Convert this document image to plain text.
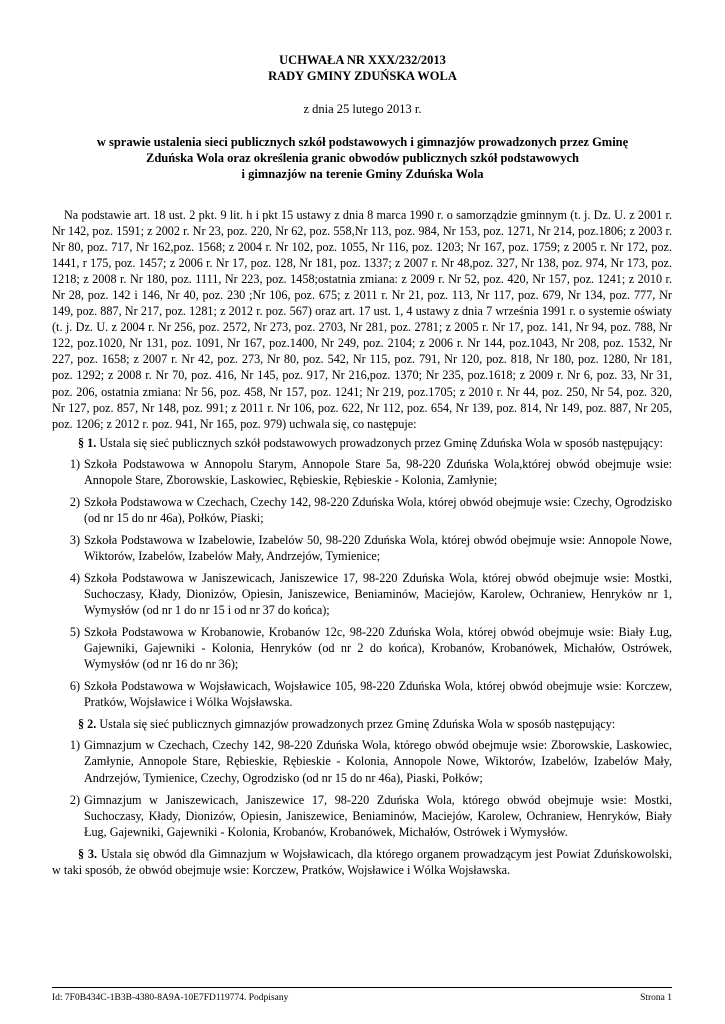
UCHWAŁA NR XXX/232/2013
RADY GMINY ZDUŃSKA WOLA
z dnia 25 lutego 2013 r.
w sprawie ustalenia sieci publicznych szkół podstawowych i gimnazjów prowadzonych przez Gminę
Zduńska Wola oraz określenia granic obwodów publicznych szkół podstawowych
i gimnazjów na terenie Gminy Zduńska Wola

Na podstawie art. 18 ust. 2 pkt. 9 lit. h i pkt 15 ustawy z dnia 8 marca 1990 r. o samorządzie gminnym (t. j. Dz. U. z 2001 r. Nr 142, poz. 1591; z 2002 r. Nr 23, poz. 220, Nr 62, poz. 558,Nr 113, poz. 984, Nr 153, poz. 1271, Nr 214, poz.1806; z 2003 r. Nr 80, poz. 717, Nr 162,poz. 1568; z 2004 r. Nr 102, poz. 1055, Nr 116, poz. 1203; Nr 167, poz. 1759; z 2005 r. Nr 172, poz. 1441, r 175, poz. 1457; z 2006 r. Nr 17, poz. 128, Nr 181, poz. 1337; z 2007 r. Nr 48,poz. 327, Nr 138, poz. 974, Nr 173, poz. 1218; z 2008 r. Nr 180, poz. 1111, Nr 223, poz. 1458;ostatnia zmiana: z 2009 r. Nr 52, poz. 420, Nr 157, poz. 1241; z 2010 r. Nr 28, poz. 142 i 146, Nr 40, poz. 230 ;Nr 106, poz. 675; z 2011 r. Nr 21, poz. 113, Nr 117, poz. 679, Nr 134, poz. 777, Nr 149, poz. 887, Nr 217, poz. 1281; z 2012 r. poz. 567) oraz art. 17 ust. 1, 4 ustawy z dnia 7 września 1991 r. o systemie oświaty (t. j. Dz. U. z 2004 r. Nr 256, poz. 2572, Nr 273, poz. 2703, Nr 281, poz. 2781; z 2005 r. Nr 17, poz. 141, Nr 94, poz. 788, Nr 122, poz.1020, Nr 131, poz. 1091, Nr 167, poz.1400, Nr 249, poz. 2104; z 2006 r. Nr 144, poz.1043, Nr 208, poz. 1532, Nr 227, poz. 1658; z 2007 r. Nr 42, poz. 273, Nr 80, poz. 542, Nr 115, poz. 791, Nr 120, poz. 818, Nr 180, poz. 1280, Nr 181, poz. 1292; z 2008 r. Nr 70, poz. 416, Nr 145, poz. 917, Nr 216,poz. 1370; Nr 235, poz.1618; z 2009 r. Nr 6, poz. 33, Nr 31, poz. 206, ostatnia zmiana: Nr 56, poz. 458, Nr 157, poz. 1241; Nr 219, poz.1705; z 2010 r. Nr 44, poz. 250, Nr 54, poz. 320, Nr 127, poz. 857, Nr 148, poz. 991; z 2011 r. Nr 106, poz. 622, Nr 112, poz. 654, Nr 139, poz. 814, Nr 149, poz. 887, Nr 205, poz. 1206; z 2012 r. poz. 941, Nr 165, poz. 979) uchwala się, co następuje:

§ 1. Ustala się sieć publicznych szkół podstawowych prowadzonych przez Gminę Zduńska Wola w sposób następujący:

1) Szkoła Podstawowa w Annopolu Starym, Annopole Stare 5a, 98-220 Zduńska Wola,której obwód obejmuje wsie: Annopole Stare, Zborowskie, Laskowiec, Rębieskie, Rębieskie - Kolonia, Zamłynie;
2) Szkoła Podstawowa w Czechach, Czechy 142, 98-220 Zduńska Wola, której obwód obejmuje wsie: Czechy, Ogrodzisko (od nr 15 do nr 46a), Połków, Piaski;
3) Szkoła Podstawowa w Izabelowie, Izabelów 50, 98-220 Zduńska Wola, której obwód obejmuje wsie: Annopole Nowe, Wiktorów, Izabelów, Izabelów Mały, Andrzejów, Tymienice;
4) Szkoła Podstawowa w Janiszewicach, Janiszewice 17, 98-220 Zduńska Wola, której obwód obejmuje wsie: Mostki, Suchoczasy, Kłady, Dionizów, Opiesin, Janiszewice, Beniaminów, Maciejów, Karolew, Ochraniew, Henryków nr 1, Wymysłów (od nr 1 do nr 15 i od nr 37 do końca);
5) Szkoła Podstawowa w Krobanowie, Krobanów 12c, 98-220 Zduńska Wola, której obwód obejmuje wsie: Biały Ług, Gajewniki, Gajewniki - Kolonia, Henryków (od nr 2 do końca), Krobanów, Krobanówek, Michałów, Ostrówek, Wymysłów (od nr 16 do nr 36);
6) Szkoła Podstawowa w Wojsławicach, Wojsławice 105, 98-220 Zduńska Wola, której obwód obejmuje wsie: Korczew, Pratków, Wojsławice i Wólka Wojsławska.

§ 2. Ustala się sieć publicznych gimnazjów prowadzonych przez Gminę Zduńska Wola w sposób następujący:

1) Gimnazjum w Czechach, Czechy 142, 98-220 Zduńska Wola, którego obwód obejmuje wsie: Zborowskie, Laskowiec, Zamłynie, Annopole Stare, Rębieskie, Rębieskie - Kolonia, Annopole Nowe, Wiktorów, Izabelów, Izabelów Mały, Andrzejów, Tymienice, Czechy, Ogrodzisko (od nr 15 do nr 46a), Piaski, Połków;
2) Gimnazjum w Janiszewicach, Janiszewice 17, 98-220 Zduńska Wola, którego obwód obejmuje wsie: Mostki, Suchoczasy, Kłady, Dionizów, Opiesin, Janiszewice, Beniaminów, Maciejów, Karolew, Ochraniew, Henryków, Biały Ług, Gajewniki, Gajewniki - Kolonia, Krobanów, Krobanówek, Michałów, Ostrówek i Wymysłów.

§ 3. Ustala się obwód dla Gimnazjum w Wojsławicach, dla którego organem prowadzącym jest Powiat Zduńskowolski, w taki sposób, że obwód obejmuje wsie: Korczew, Pratków, Wojsławice i Wólka Wojsławska.

Id: 7F0B434C-1B3B-4380-8A9A-10E7FD119774. Podpisany	Strona 1
